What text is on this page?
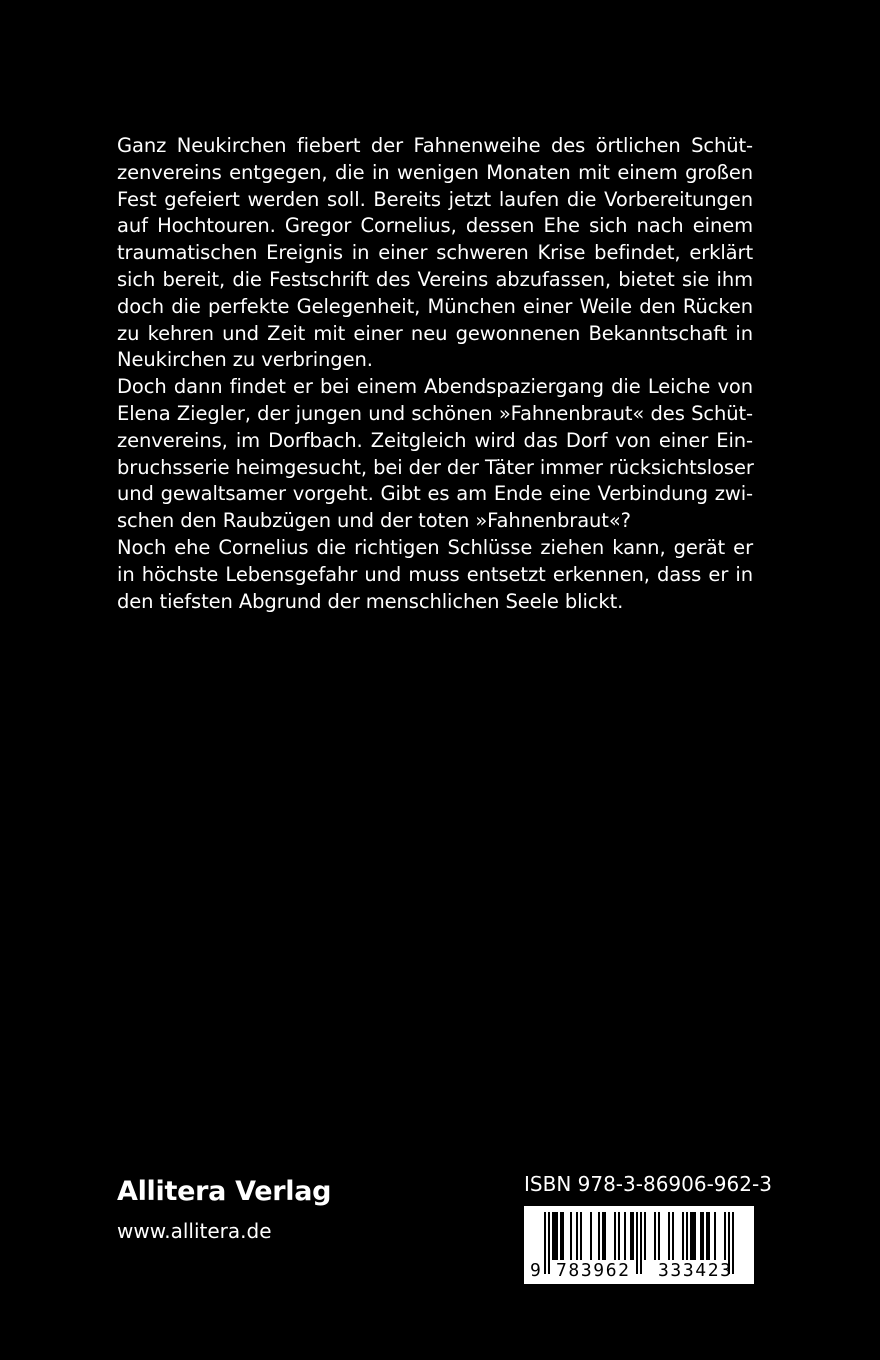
Ganz Neukirchen fiebert der Fahnenweihe des örtlichen Schüt-
zenvereins entgegen, die in wenigen Monaten mit einem großen
Fest gefeiert werden soll. Bereits jetzt laufen die Vorbereitungen
auf Hochtouren. Gregor Cornelius, dessen Ehe sich nach einem
traumatischen Ereignis in einer schweren Krise befindet, erklärt
sich bereit, die Festschrift des Vereins abzufassen, bietet sie ihm
doch die perfekte Gelegenheit, München einer Weile den Rücken
zu kehren und Zeit mit einer neu gewonnenen Bekanntschaft in
Neukirchen zu verbringen.
Doch dann findet er bei einem Abendspaziergang die Leiche von
Elena Ziegler, der jungen und schönen »Fahnenbraut« des Schüt-
zenvereins, im Dorfbach. Zeitgleich wird das Dorf von einer Ein-
bruchsserie heimgesucht, bei der der Täter immer rücksichtsloser
und gewaltsamer vorgeht. Gibt es am Ende eine Verbindung zwi-
schen den Raubzügen und der toten »Fahnenbraut«?
Noch ehe Cornelius die richtigen Schlüsse ziehen kann, gerät er
in höchste Lebensgefahr und muss entsetzt erkennen, dass er in
den tiefsten Abgrund der menschlichen Seele blickt.
Allitera Verlag
www.allitera.de
ISBN 978-3-86906-962-3
9 783962 333423
